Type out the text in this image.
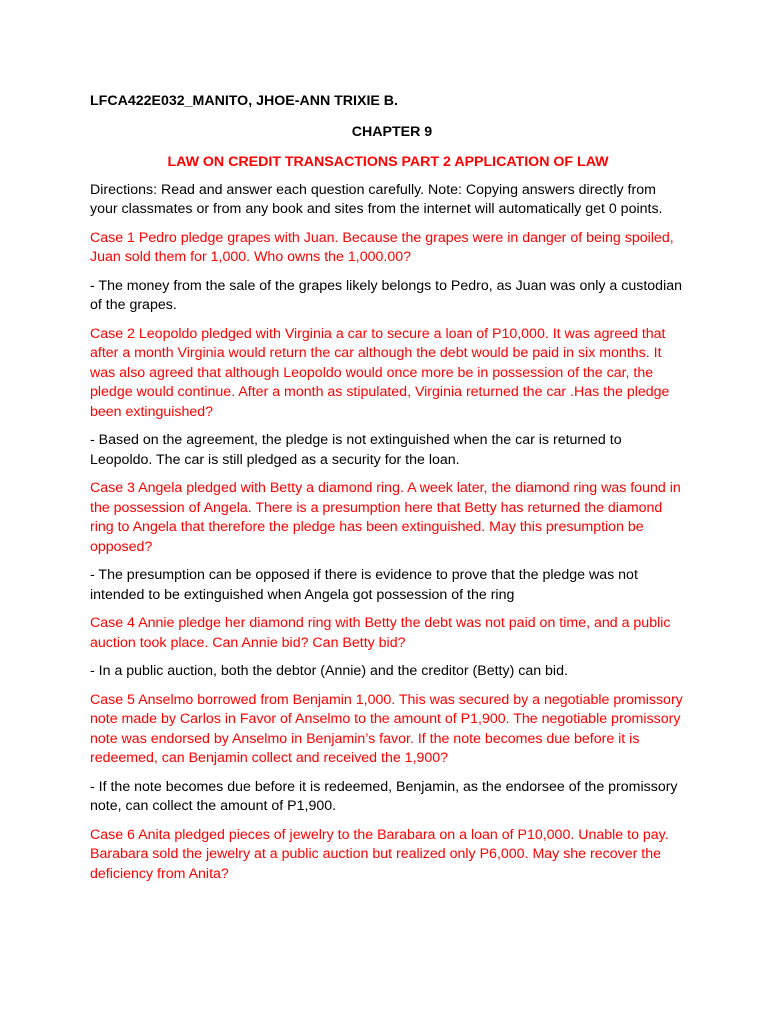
LFCA422E032_MANITO, JHOE-ANN TRIXIE B.

CHAPTER 9

LAW ON CREDIT TRANSACTIONS PART 2 APPLICATION OF LAW

Directions: Read and answer each question carefully. Note: Copying answers directly from your classmates or from any book and sites from the internet will automatically get 0 points.

Case 1 Pedro pledge grapes with Juan. Because the grapes were in danger of being spoiled, Juan sold them for 1,000. Who owns the 1,000.00?

- The money from the sale of the grapes likely belongs to Pedro, as Juan was only a custodian of the grapes.

Case 2 Leopoldo pledged with Virginia a car to secure a loan of P10,000. It was agreed that after a month Virginia would return the car although the debt would be paid in six months. It was also agreed that although Leopoldo would once more be in possession of the car, the pledge would continue. After a month as stipulated, Virginia returned the car .Has the pledge been extinguished?

- Based on the agreement, the pledge is not extinguished when the car is returned to Leopoldo. The car is still pledged as a security for the loan.

Case 3 Angela pledged with Betty a diamond ring. A week later, the diamond ring was found in the possession of Angela. There is a presumption here that Betty has returned the diamond ring to Angela that therefore the pledge has been extinguished. May this presumption be opposed?

- The presumption can be opposed if there is evidence to prove that the pledge was not intended to be extinguished when Angela got possession of the ring

Case 4 Annie pledge her diamond ring with Betty the debt was not paid on time, and a public auction took place. Can Annie bid? Can Betty bid?

- In a public auction, both the debtor (Annie) and the creditor (Betty) can bid.

Case 5 Anselmo borrowed from Benjamin 1,000. This was secured by a negotiable promissory note made by Carlos in Favor of Anselmo to the amount of P1,900. The negotiable promissory note was endorsed by Anselmo in Benjamin’s favor. If the note becomes due before it is redeemed, can Benjamin collect and received the 1,900?

- If the note becomes due before it is redeemed, Benjamin, as the endorsee of the promissory note, can collect the amount of P1,900.

Case 6 Anita pledged pieces of jewelry to the Barabara on a loan of P10,000. Unable to pay. Barabara sold the jewelry at a public auction but realized only P6,000. May she recover the deficiency from Anita?
